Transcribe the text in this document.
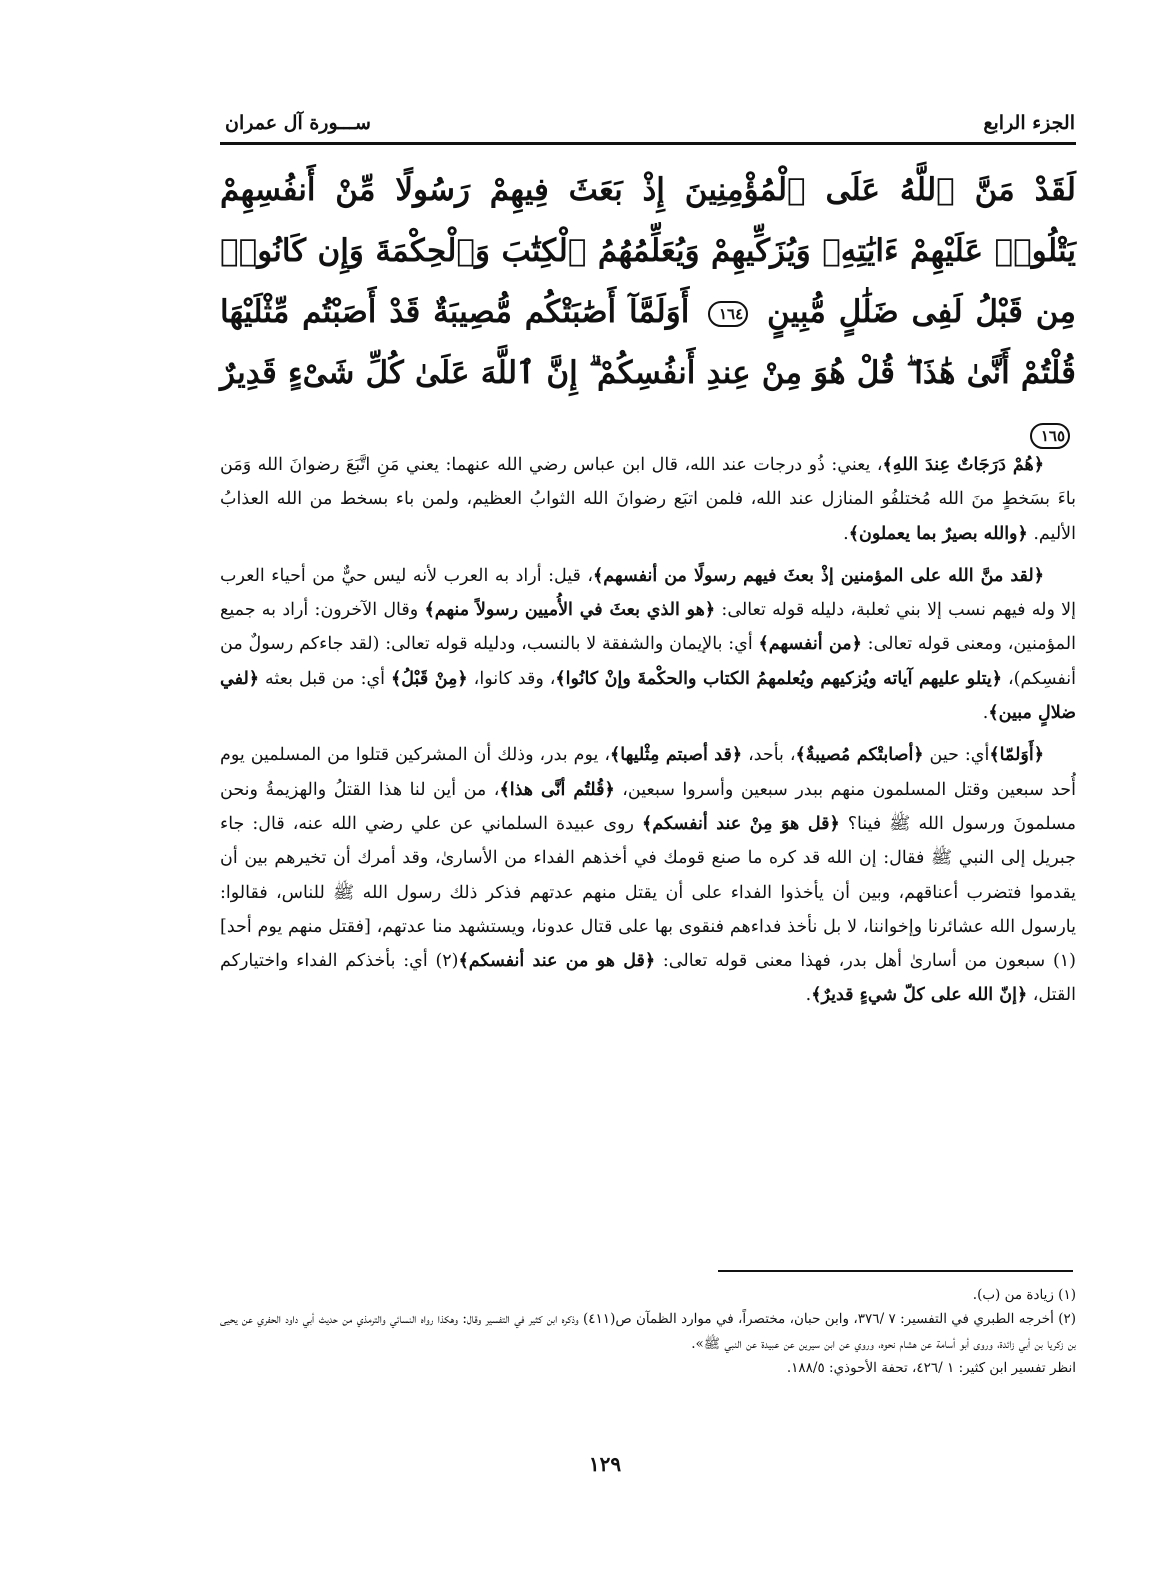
الجزء الرابع
ســـورة آل عمران
لَقَدْ مَنَّ ٱللَّهُ عَلَى ٱلْمُؤْمِنِينَ إِذْ بَعَثَ فِيهِمْ رَسُولًا مِّنْ أَنفُسِهِمْ يَتْلُوا۟ عَلَيْهِمْ ءَايَٰتِهِۦ وَيُزَكِّيهِمْ وَيُعَلِّمُهُمُ ٱلْكِتَٰبَ وَٱلْحِكْمَةَ وَإِن كَانُوا۟ مِن قَبْلُ لَفِى ضَلَٰلٍ مُّبِينٍ ١٦٤ أَوَلَمَّآ أَصَٰبَتْكُم مُّصِيبَةٌ قَدْ أَصَبْتُم مِّثْلَيْهَا قُلْتُمْ أَنَّىٰ هَٰذَا ۖ قُلْ هُوَ مِنْ عِندِ أَنفُسِكُمْ ۗ إِنَّ ٱللَّهَ عَلَىٰ كُلِّ شَىْءٍ قَدِيرٌ ١٦٥

﴿هُمْ دَرَجَاتٌ عِندَ اللهِ﴾، يعني: ذُو درجات عند الله، قال ابن عباس رضي الله عنهما: يعني مَنِ اتَّبَعَ رضوانَ الله وَمَن باءَ بسَخطٍ منَ الله مُختلفُو المنازل عند الله، فلمن اتبَع رضوانَ الله الثوابُ العظيم، ولمن باء بسخط من الله العذابُ الأليم. ﴿والله بصيرٌ بما يعملون﴾.

﴿لقد منَّ الله على المؤمنين إذْ بعثَ فيهم رسولًا من أنفسهم﴾، قيل: أراد به العرب لأنه ليس حيٌّ من أحياء العرب إلا وله فيهم نسب إلا بني ثعلبة، دليله قوله تعالى: ﴿هو الذي بعثَ في الأُميين رسولاً منهم﴾ وقال الآخرون: أراد به جميع المؤمنين، ومعنى قوله تعالى: ﴿من أنفسهم﴾ أي: بالإيمان والشفقة لا بالنسب، ودليله قوله تعالى: (لقد جاءكم رسولٌ من أنفسِكم)، ﴿يتلو عليهم آياته ويُزكيهم ويُعلمهمُ الكتاب والحكْمةَ وإنْ كانُوا﴾، وقد كانوا، ﴿مِنْ قَبْلُ﴾ أي: من قبل بعثه ﴿لفي ضلالٍ مبين﴾.

﴿أَوَلمّا﴾أي: حين ﴿أصابتْكم مُصيبةٌ﴾، بأحد، ﴿قد أصبتم مِثْليها﴾، يوم بدر، وذلك أن المشركين قتلوا من المسلمين يوم أُحد سبعين وقتل المسلمون منهم ببدر سبعين وأسروا سبعين، ﴿قُلتُم أنَّى هذا﴾، من أين لنا هذا القتلُ والهزيمةُ ونحن مسلمونَ ورسول الله ﷺ فينا؟ ﴿قل هوَ مِنْ عند أنفسكم﴾ روى عبيدة السلماني عن علي رضي الله عنه، قال: جاء جبريل إلى النبي ﷺ فقال: إن الله قد كره ما صنع قومك في أخذهم الفداء من الأسارىٰ، وقد أمرك أن تخيرهم بين أن يقدموا فتضرب أعناقهم، وبين أن يأخذوا الفداء على أن يقتل منهم عدتهم فذكر ذلك رسول الله ﷺ للناس، فقالوا: يارسول الله عشائرنا وإخواننا، لا بل نأخذ فداءهم فنقوى بها على قتال عدونا، ويستشهد منا عدتهم، [فقتل منهم يوم أحد](١) سبعون من أسارىٰ أهل بدر، فهذا معنى قوله تعالى: ﴿قل هو من عند أنفسكم﴾(٢) أي: بأخذكم الفداء واختياركم القتل، ﴿إنّ الله على كلّ شيءٍ قديرٌ﴾.

(١) زيادة من (ب).

(٢) أخرجه الطبري في التفسير: ٧ /٣٧٦، وابن حبان، مختصراً، في موارد الظمآن ص(٤١١) وذكره ابن كثير في التفسير وقال: وهكذا رواه النسائي والترمذي من حديث أبي داود الحفري عن يحيى بن زكريا بن أبي زائدة، وروى أبو أسامة عن هشام نحوه، وروي عن ابن سيرين عن عبيدة عن النبي ﷺ».

انظر تفسير ابن كثير: ١ /٤٢٦، تحفة الأحوذي: ١٨٨/٥.

١٢٩
